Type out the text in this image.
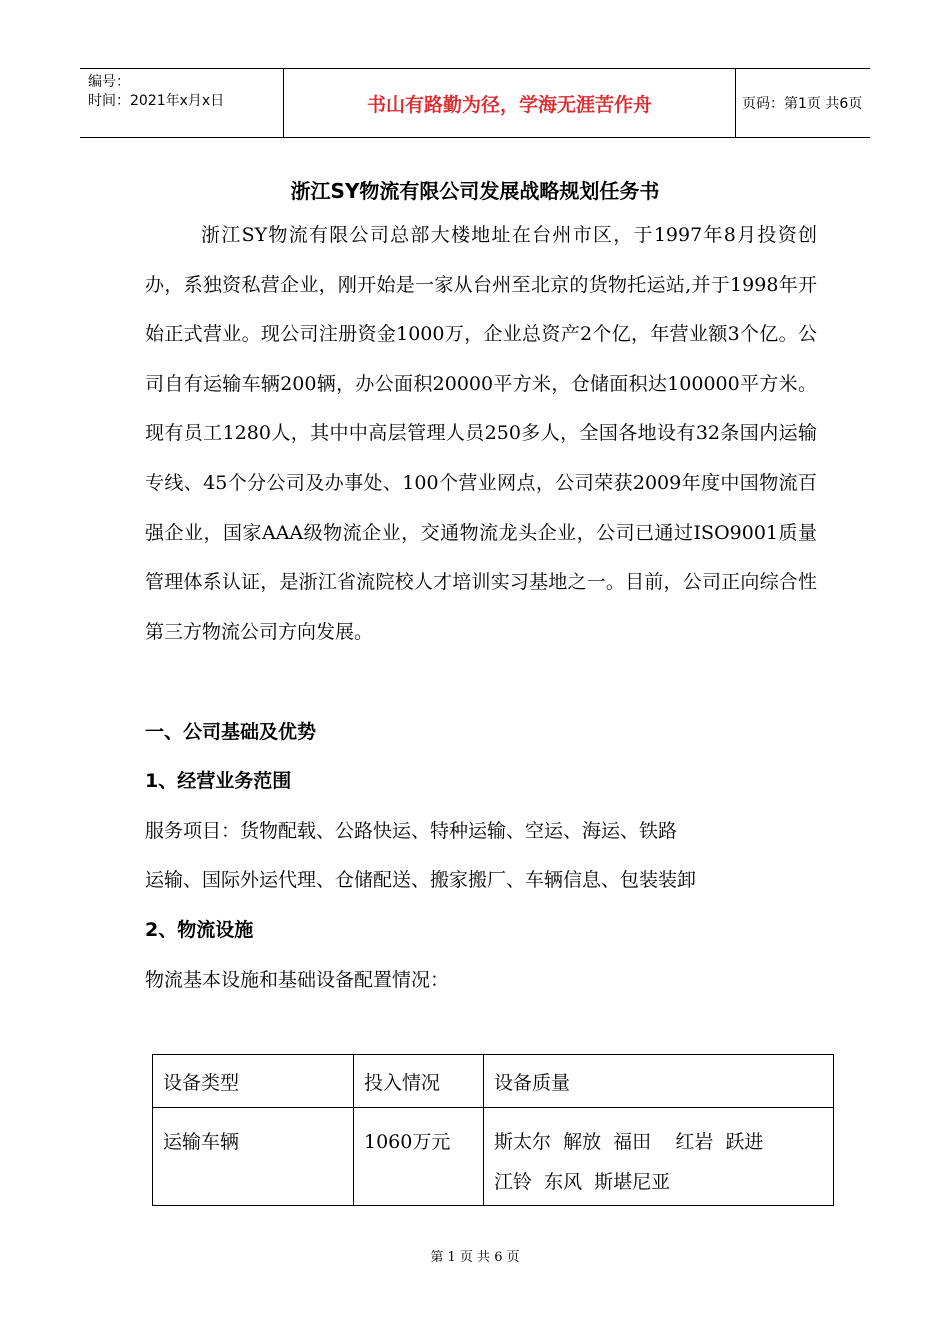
编号：
时间：2021年x月x日	书山有路勤为径，学海无涯苦作舟	页码：第1页 共6页
浙江SY物流有限公司发展战略规划任务书
浙江SY物流有限公司总部大楼地址在台州市区，于1997年8月投资创办，系独资私营企业，刚开始是一家从台州至北京的货物托运站,并于1998年开始正式营业。现公司注册资金1000万，企业总资产2个亿，年营业额3个亿。公司自有运输车辆200辆，办公面积20000平方米，仓储面积达100000平方米。现有员工1280人，其中中高层管理人员250多人，全国各地设有32条国内运输专线、45个分公司及办事处、100个营业网点，公司荣获2009年度中国物流百强企业，国家AAA级物流企业，交通物流龙头企业，公司已通过ISO9001质量管理体系认证，是浙江省流院校人才培训实习基地之一。目前，公司正向综合性第三方物流公司方向发展。
一、公司基础及优势
1、经营业务范围
服务项目：货物配载、公路快运、特种运输、空运、海运、铁路
运输、国际外运代理、仓储配送、搬家搬厂、车辆信息、包装装卸
2、物流设施
物流基本设施和基础设备配置情况：
设备类型	投入情况	设备质量
运输车辆	1060万元	斯太尔  解放  福田    红岩  跃进
江铃  东风  斯堪尼亚
第 1 页 共 6 页
